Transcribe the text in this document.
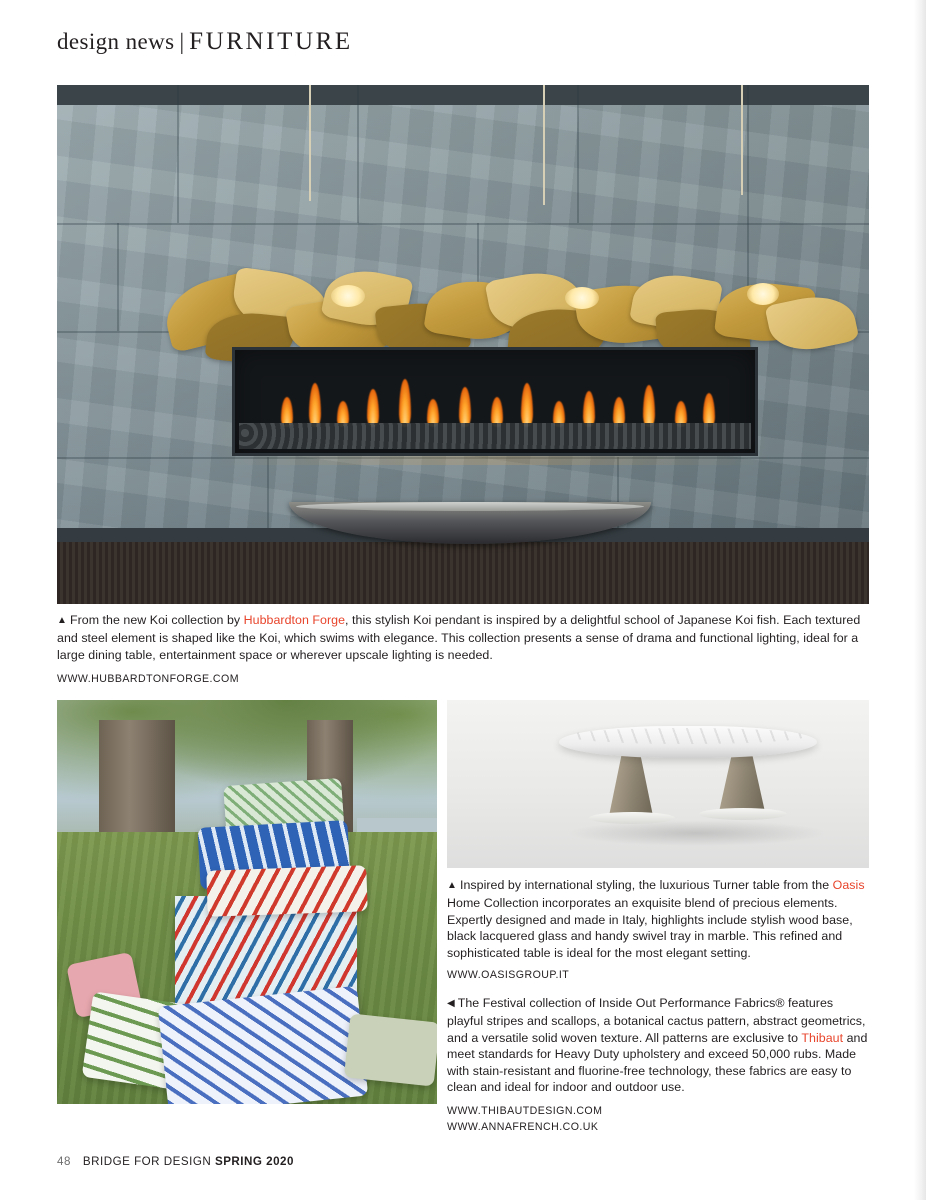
design news | FURNITURE
▲ From the new Koi collection by Hubbardton Forge, this stylish Koi pendant is inspired by a delightful school of Japanese Koi fish. Each textured and steel element is shaped like the Koi, which swims with elegance. This collection presents a sense of drama and functional lighting, ideal for a large dining table, entertainment space or wherever upscale lighting is needed.
WWW.HUBBARDTONFORGE.COM
▲ Inspired by international styling, the luxurious Turner table from the Oasis Home Collection incorporates an exquisite blend of precious elements. Expertly designed and made in Italy, highlights include stylish wood base, black lacquered glass and handy swivel tray in marble. This refined and sophisticated table is ideal for the most elegant setting.
WWW.OASISGROUP.IT
◀ The Festival collection of Inside Out Performance Fabrics® features playful stripes and scallops, a botanical cactus pattern, abstract geometrics, and a versatile solid woven texture. All patterns are exclusive to Thibaut and meet standards for Heavy Duty upholstery and exceed 50,000 rubs. Made with stain-resistant and fluorine-free technology, these fabrics are easy to clean and ideal for indoor and outdoor use.
WWW.THIBAUTDESIGN.COM
WWW.ANNAFRENCH.CO.UK
48 BRIDGE FOR DESIGN SPRING 2020
